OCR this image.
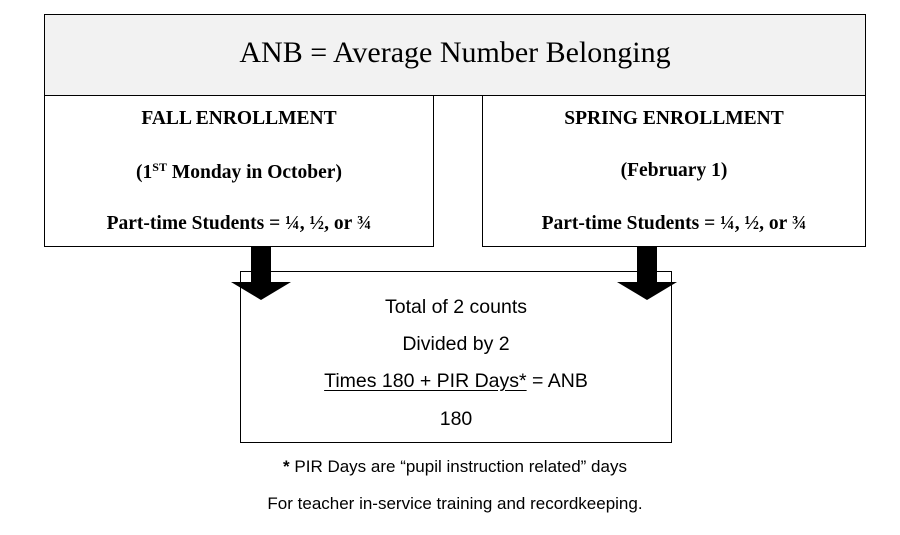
ANB = Average Number Belonging
FALL ENROLLMENT
(1ST Monday in October)
Part-time Students = ¼, ½, or ¾
SPRING ENROLLMENT
(February 1)
Part-time Students = ¼, ½, or ¾
Total of 2 counts
Divided by 2
Times 180 + PIR Days* = ANB
180
* PIR Days are “pupil instruction related” days
For teacher in-service training and recordkeeping.
